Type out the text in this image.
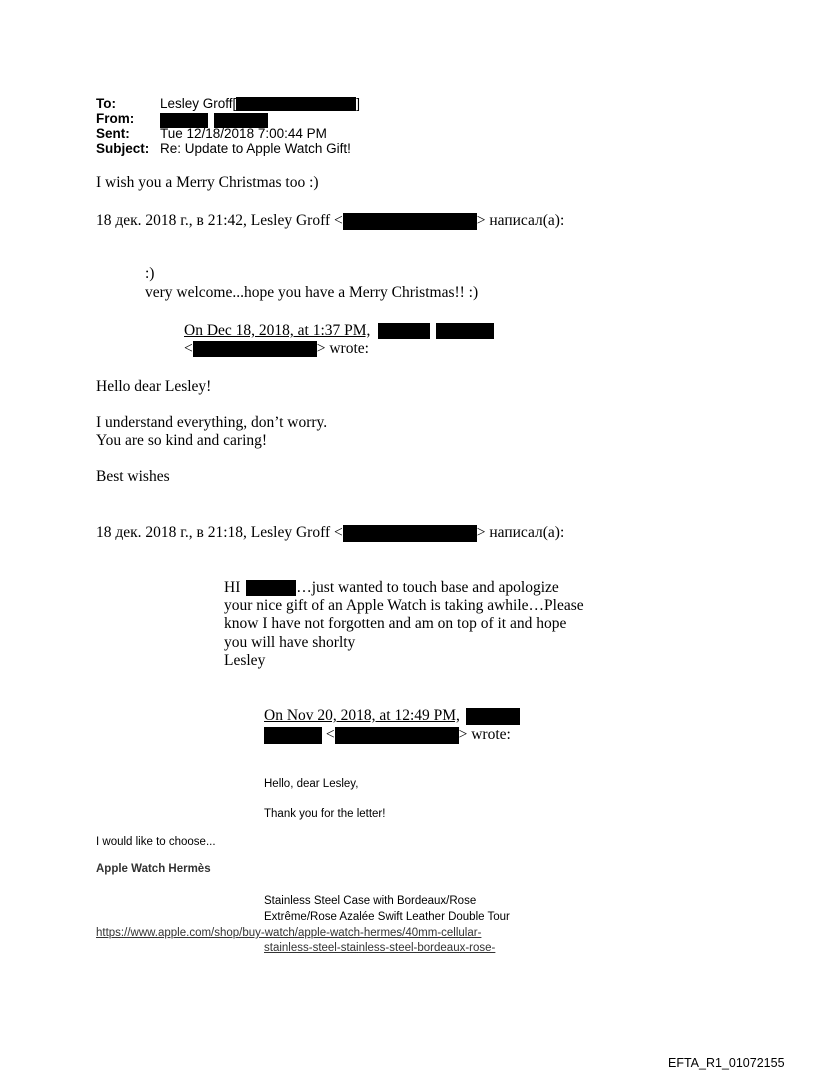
To:	Lesley Groff[	]
From:

Sent: Tue 12/18/2018 7:00:44 PM
Subject: Re: Update to Apple Watch Gift!
I wish you a Merry Christmas too :)
18 дек. 2018 г., в 21:42, Lesley Groff <	> написал(а):
:)
very welcome...hope you have a Merry Christmas!! :)
On Dec 18, 2018, at 1:37 PM,
<	> wrote:
Hello dear Lesley!
I understand everything, don’t worry.
You are so kind and caring!
Best wishes
18 дек. 2018 г., в 21:18, Lesley Groff <	> написал(а):
HI	…just wanted to touch base and apologize
your nice gift of an Apple Watch is taking awhile…Please
know I have not forgotten and am on top of it and hope
you will have shorlty
Lesley
On Nov 20, 2018, at 12:49 PM,
<	> wrote:
Hello, dear Lesley,
Thank you for the letter!
I would like to choose...
Apple Watch Hermès
Stainless Steel Case with Bordeaux/Rose
Extrême/Rose Azalée Swift Leather Double Tour
https://www.apple.com/shop/buy-watch/apple-watch-hermes/40mm-cellular-
stainless-steel-stainless-steel-bordeaux-rose-
EFTA_R1_01072155
